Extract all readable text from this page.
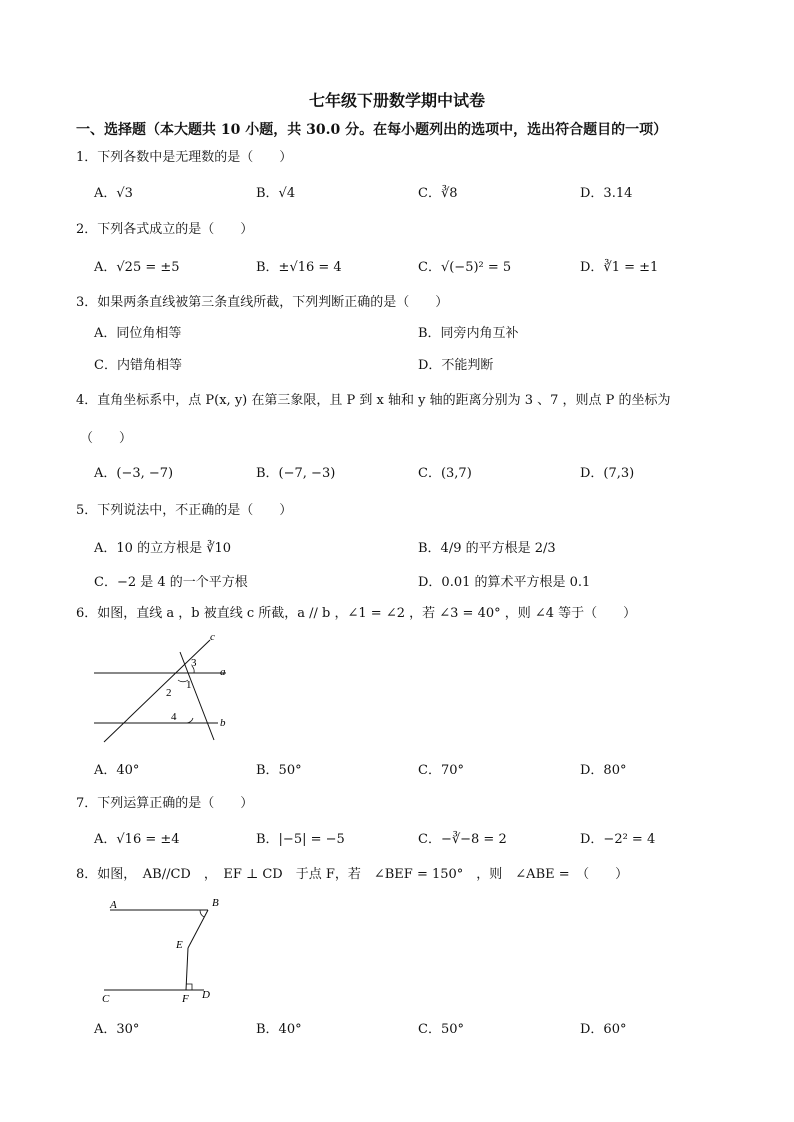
七年级下册数学期中试卷
一、选择题（本大题共 10 小题，共 30.0 分。在每小题列出的选项中，选出符合题目的一项）
1．下列各数中是无理数的是（　　）
A．√3	B．√4	C．∛8	D．3.14
2．下列各式成立的是（　　）
A．√25 = ±5	B．±√16 = 4	C．√(−5)² = 5	D．∛1 = ±1
3．如果两条直线被第三条直线所截，下列判断正确的是（　　）
A．同位角相等	B．同旁内角互补
C．内错角相等	D．不能判断
4．直角坐标系中，点 P(x, y) 在第三象限，且 P 到 x 轴和 y 轴的距离分别为 3 、7 ，则点 P 的坐标为
（　　）
A．(−3, −7)	B．(−7, −3)	C．(3,7)	D．(7,3)
5．下列说法中，不正确的是（　　）
A．10 的立方根是 ∛10	B．4/9 的平方根是 2/3
C．−2 是 4 的一个平方根	D．0.01 的算术平方根是 0.1
6．如图，直线 a ，b 被直线 c 所截，a // b ，∠1 = ∠2 ，若 ∠3 = 40° ，则 ∠4 等于（　　）
c
a
b
3
1
2
4
A．40°	B．50°	C．70°	D．80°
7．下列运算正确的是（　　）
A．√16 = ±4	B．|−5| = −5	C．−∛−8 = 2	D．−2² = 4
8．如图，　AB//CD　，　EF ⊥ CD　于点 F，若　∠BEF = 150°　，则　∠ABE =　（　　）
A	B
E
C	F D
A．30°	B．40°	C．50°	D．60°
